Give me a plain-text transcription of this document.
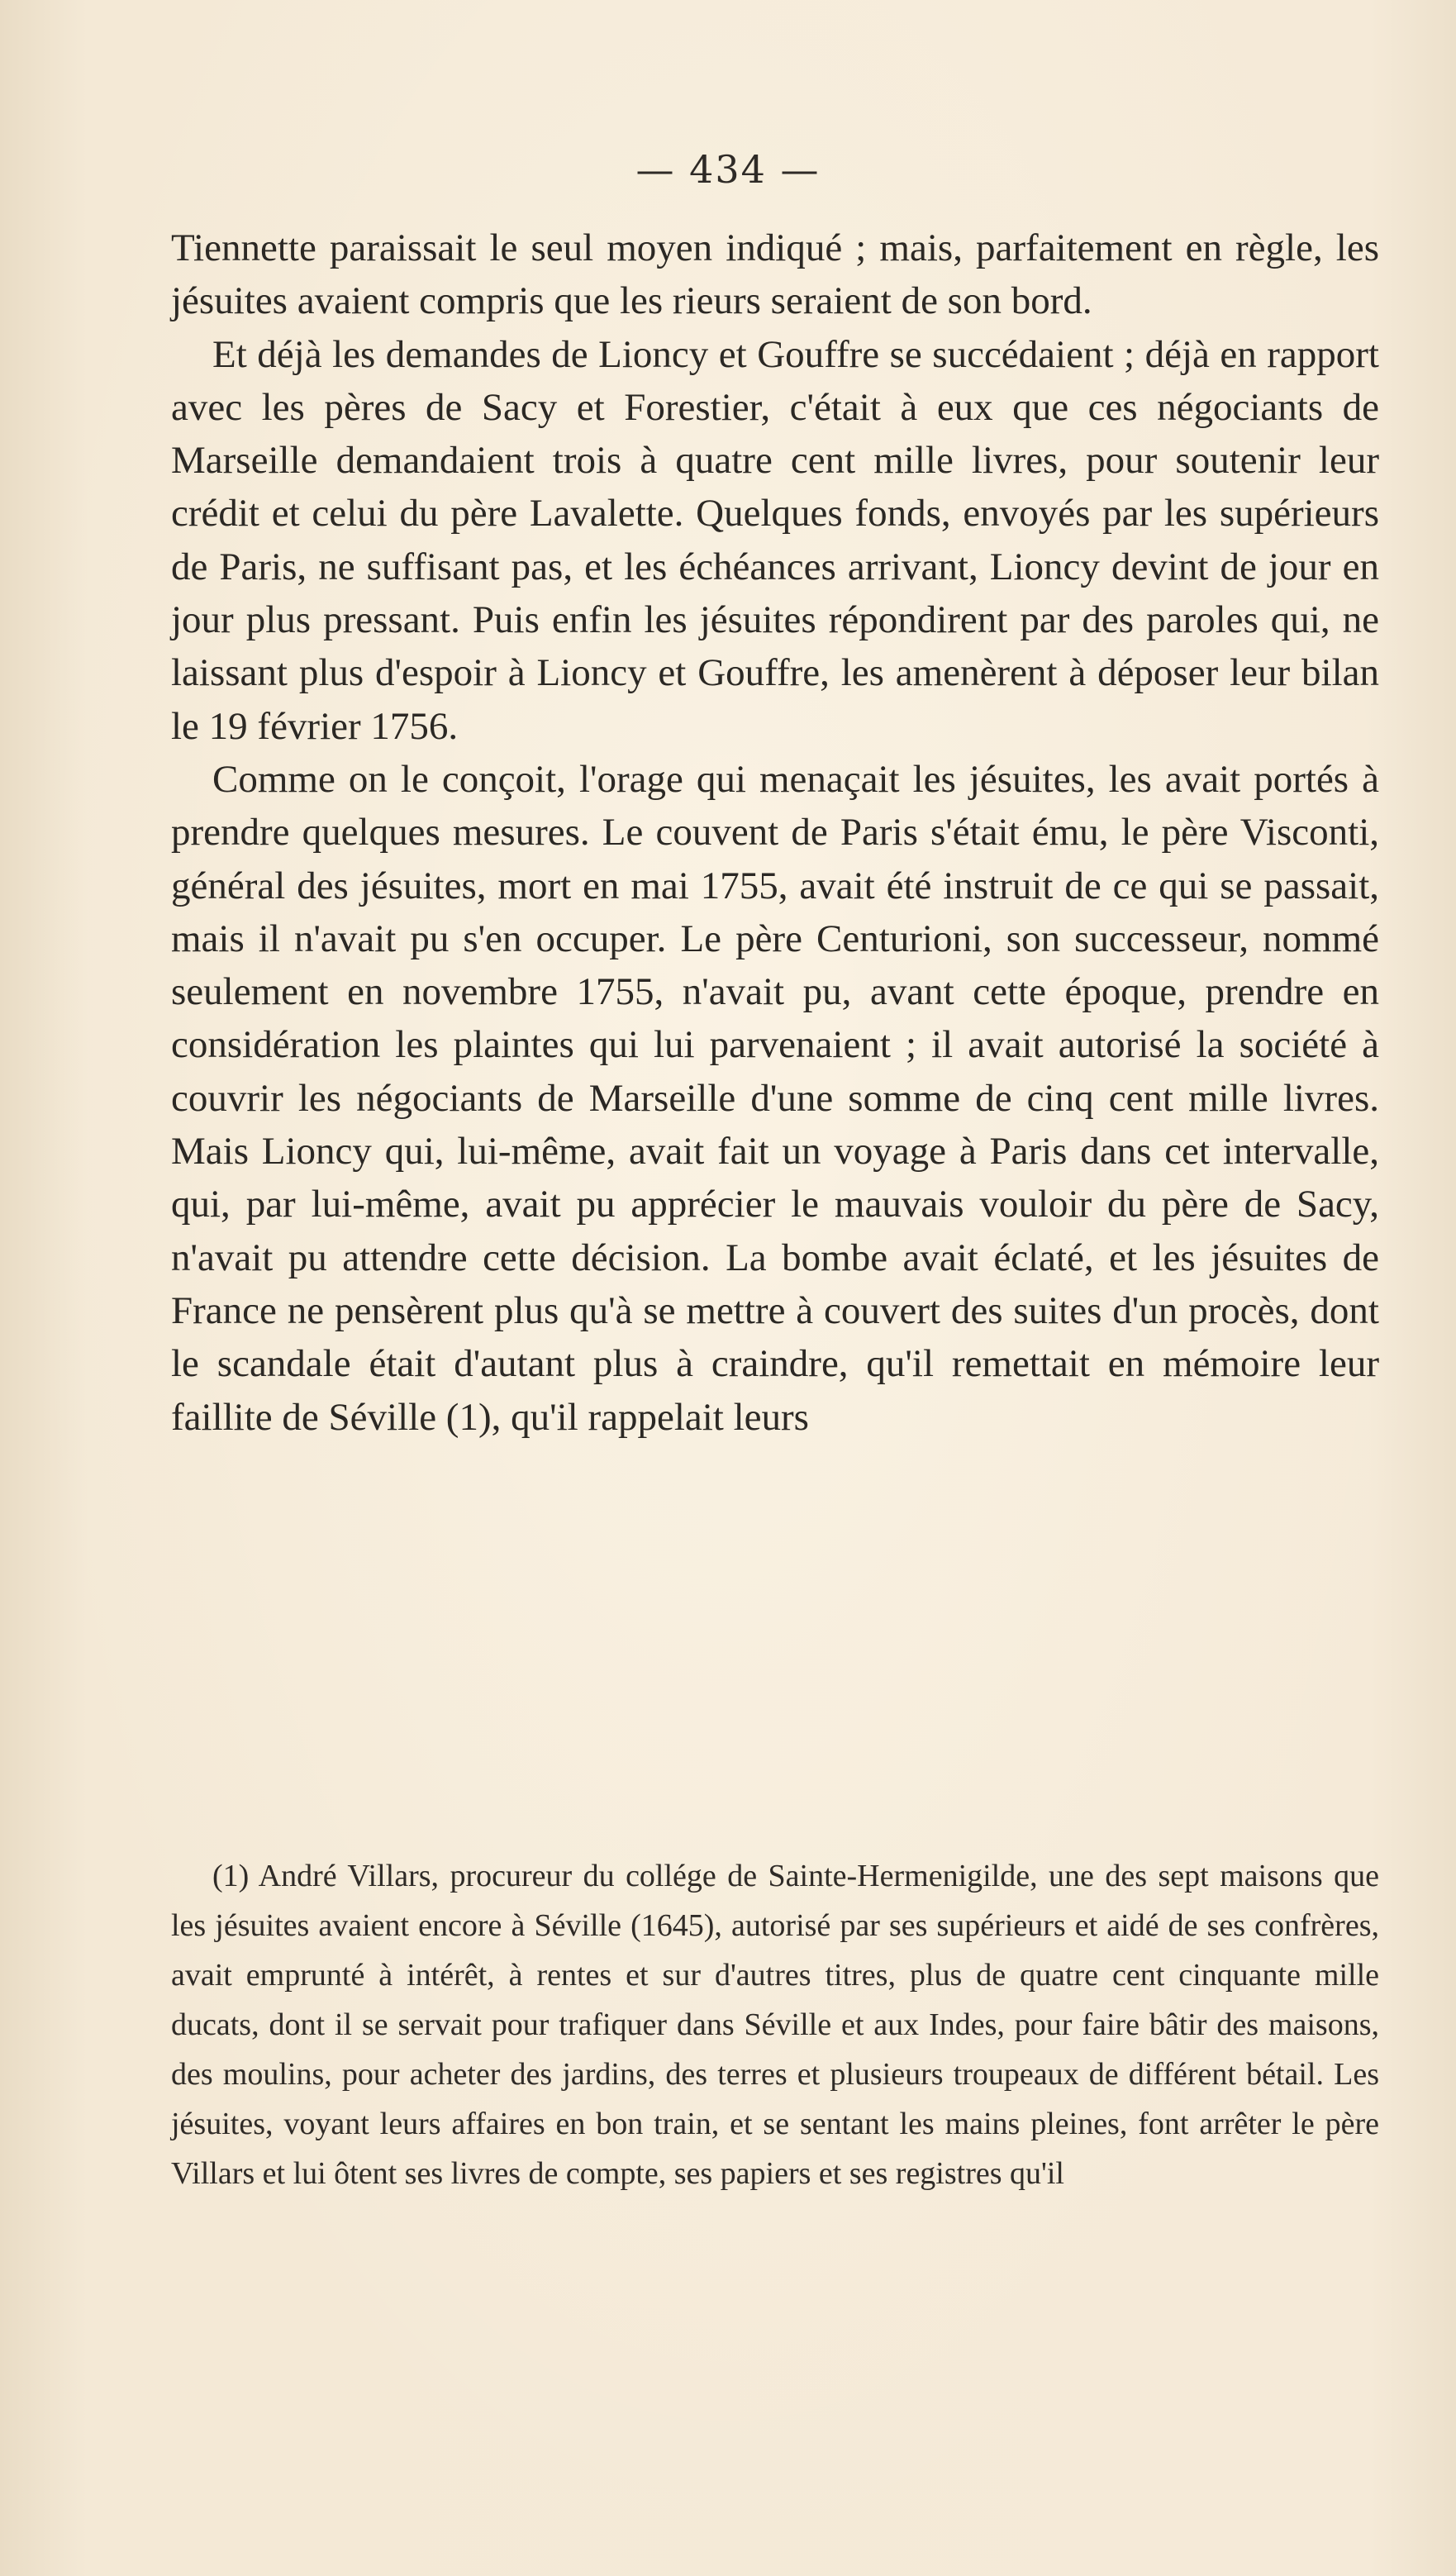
— 434 —

Tiennette paraissait le seul moyen indiqué ; mais, parfaitement en règle, les jésuites avaient compris que les rieurs seraient de son bord.

Et déjà les demandes de Lioncy et Gouffre se succédaient ; déjà en rapport avec les pères de Sacy et Forestier, c'était à eux que ces négociants de Marseille demandaient trois à quatre cent mille livres, pour soutenir leur crédit et celui du père Lavalette. Quelques fonds, envoyés par les supérieurs de Paris, ne suffisant pas, et les échéances arrivant, Lioncy devint de jour en jour plus pressant. Puis enfin les jésuites répondirent par des paroles qui, ne laissant plus d'espoir à Lioncy et Gouffre, les amenèrent à déposer leur bilan le 19 février 1756.

Comme on le conçoit, l'orage qui menaçait les jésuites, les avait portés à prendre quelques mesures. Le couvent de Paris s'était ému, le père Visconti, général des jésuites, mort en mai 1755, avait été instruit de ce qui se passait, mais il n'avait pu s'en occuper. Le père Centurioni, son successeur, nommé seulement en novembre 1755, n'avait pu, avant cette époque, prendre en considération les plaintes qui lui parvenaient ; il avait autorisé la société à couvrir les négociants de Marseille d'une somme de cinq cent mille livres. Mais Lioncy qui, lui-même, avait fait un voyage à Paris dans cet intervalle, qui, par lui-même, avait pu apprécier le mauvais vouloir du père de Sacy, n'avait pu attendre cette décision. La bombe avait éclaté, et les jésuites de France ne pensèrent plus qu'à se mettre à couvert des suites d'un procès, dont le scandale était d'autant plus à craindre, qu'il remettait en mémoire leur faillite de Séville (1), qu'il rappelait leurs

(1) André Villars, procureur du collége de Sainte-Hermenigilde, une des sept maisons que les jésuites avaient encore à Séville (1645), autorisé par ses supérieurs et aidé de ses confrères, avait emprunté à intérêt, à rentes et sur d'autres titres, plus de quatre cent cinquante mille ducats, dont il se servait pour trafiquer dans Séville et aux Indes, pour faire bâtir des maisons, des moulins, pour acheter des jardins, des terres et plusieurs troupeaux de différent bétail. Les jésuites, voyant leurs affaires en bon train, et se sentant les mains pleines, font arrêter le père Villars et lui ôtent ses livres de compte, ses papiers et ses registres qu'il
